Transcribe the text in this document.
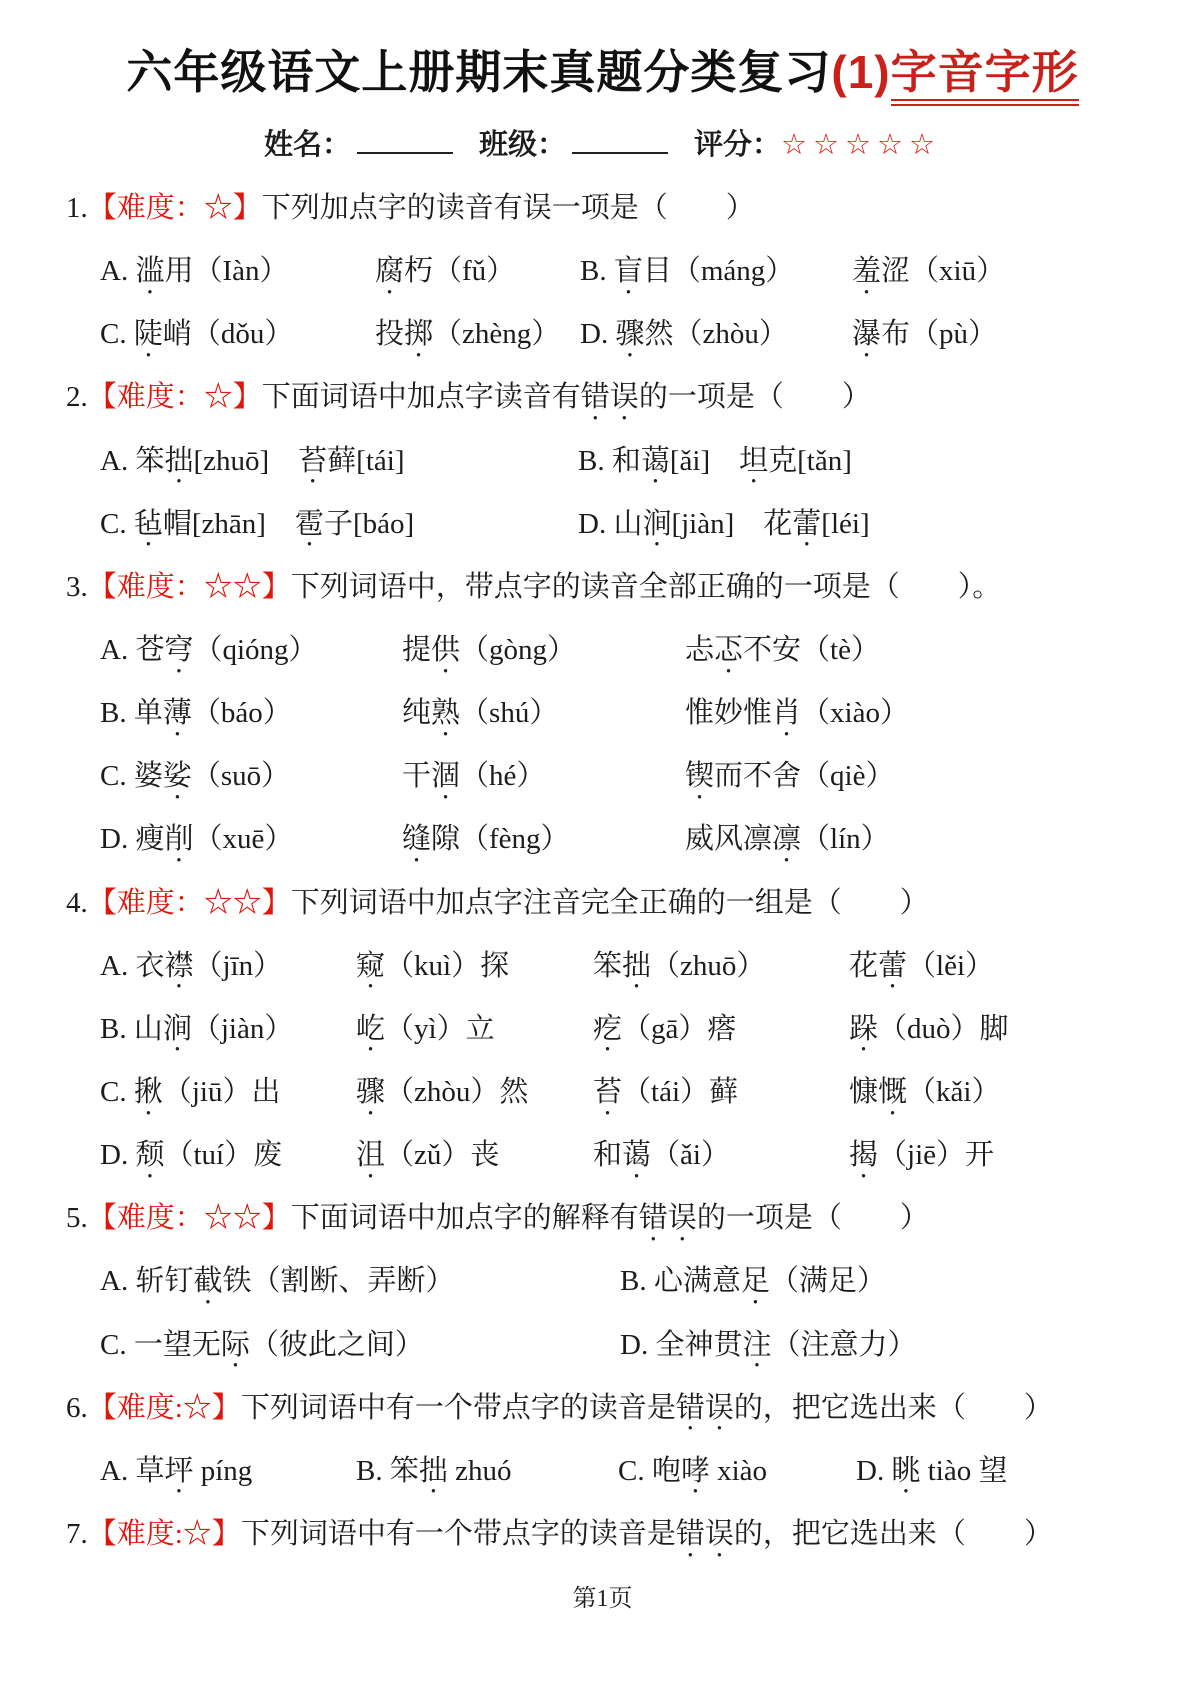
六年级语文上册期末真题分类复习(1)字音字形
姓名：	班级：	评分：☆☆☆☆☆

1.【难度：☆】下列加点字的读音有误一项是（　　）

A. 滥用（Iàn）	腐朽（fǔ）	B. 盲目（máng）	羞涩（xiū）

C. 陡峭（dǒu）	投掷（zhèng） D. 骤然（zhòu）	瀑布（pù）

2.【难度：☆】下面词语中加点字读音有错误的一项是（　　）

A. 笨拙[zhuō]　苔藓[tái]	B. 和蔼[ǎi]　坦克[tǎn]

C. 毡帽[zhān]　雹子[báo]	D. 山涧[jiàn]　花蕾[léi]

3.【难度：☆☆】下列词语中，带点字的读音全部正确的一项是（　　）。

A. 苍穹（qióng）	提供（gòng）	忐忑不安（tè）

B. 单薄（báo）	纯熟（shú）	惟妙惟肖（xiào）

C. 婆娑（suō）	干涸（hé）	锲而不舍（qiè）

D. 瘦削（xuē）	缝隙（fèng）	威风凛凛（lín）

4.【难度：☆☆】下列词语中加点字注音完全正确的一组是（　　）

A. 衣襟（jīn）	窥（kuì）探	笨拙（zhuō）	花蕾（lěi）

B. 山涧（jiàn）	屹（yì）立	疙（gā）瘩	跺（duò）脚

C. 揪（jiū）出	骤（zhòu）然	苔（tái）藓	慷慨（kǎi）

D. 颓（tuí）废	沮（zǔ）丧	和蔼（ǎi）	揭（jiē）开

5.【难度：☆☆】下面词语中加点字的解释有错误的一项是（　　）

A. 斩钉截铁（割断、弄断）	B. 心满意足（满足）

C. 一望无际（彼此之间）	D. 全神贯注（注意力）

6.【难度:☆】下列词语中有一个带点字的读音是错误的，把它选出来（　　）

A. 草坪 píng	B. 笨拙 zhuó	C. 咆哮 xiào	D. 眺 tiào 望

7.【难度:☆】下列词语中有一个带点字的读音是错误的，把它选出来（　　）

第1页
